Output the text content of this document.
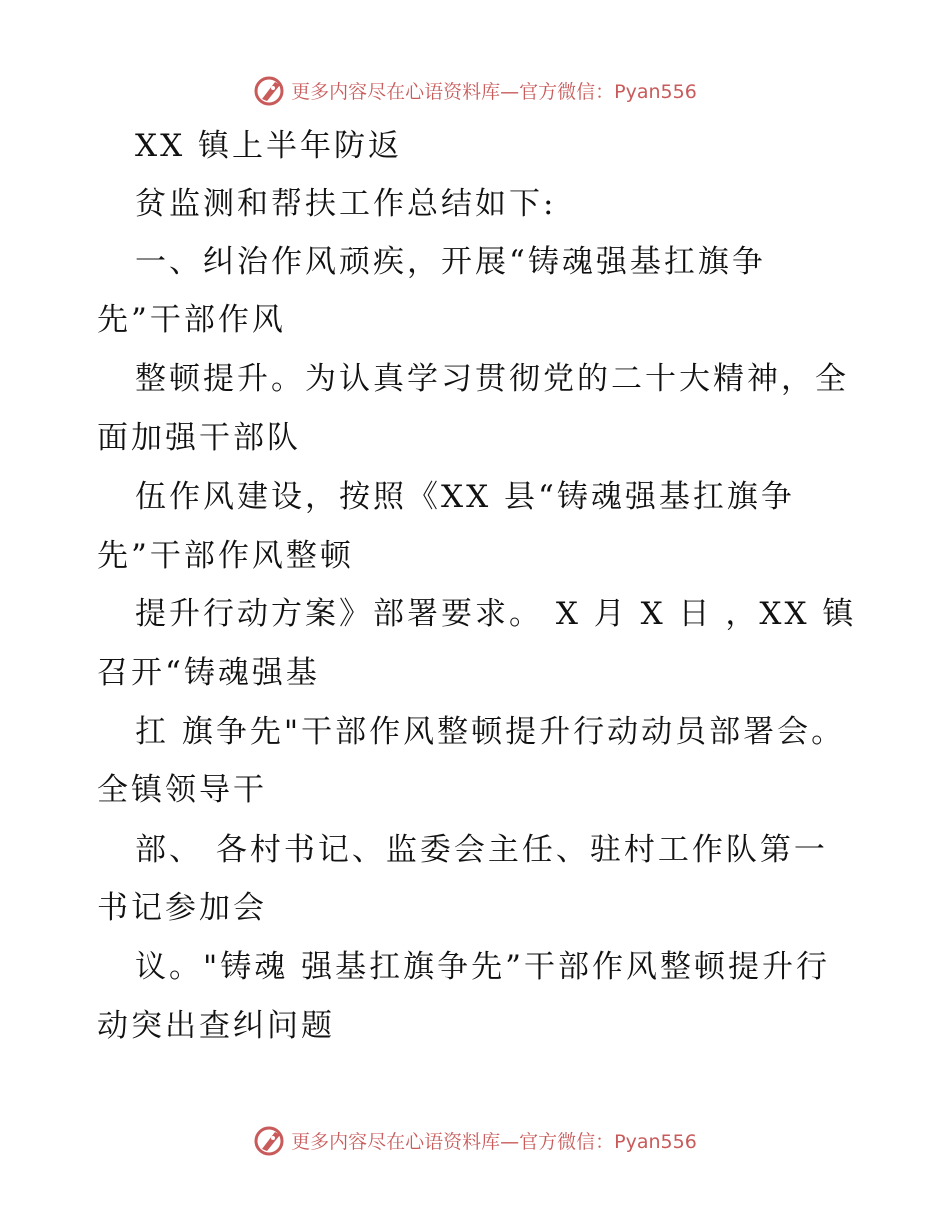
更多内容尽在心语资料库—官方微信：Pyan556
XX 镇上半年防返
贫监测和帮扶工作总结如下:
一、纠治作风顽疾，开展“铸魂强基扛旗争
先”干部作风
整顿提升。为认真学习贯彻党的二十大精神，全
面加强干部队
伍作风建设，按照《XX 县“铸魂强基扛旗争
先”干部作风整顿
提升行动方案》部署要求。 X 月 X 日 ，XX 镇
召开“铸魂强基
扛 旗争先"干部作风整顿提升行动动员部署会。
全镇领导干
部、 各村书记、监委会主任、驻村工作队第一
书记参加会
议。"铸魂 强基扛旗争先”干部作风整顿提升行
动突出查纠问题
更多内容尽在心语资料库—官方微信：Pyan556
